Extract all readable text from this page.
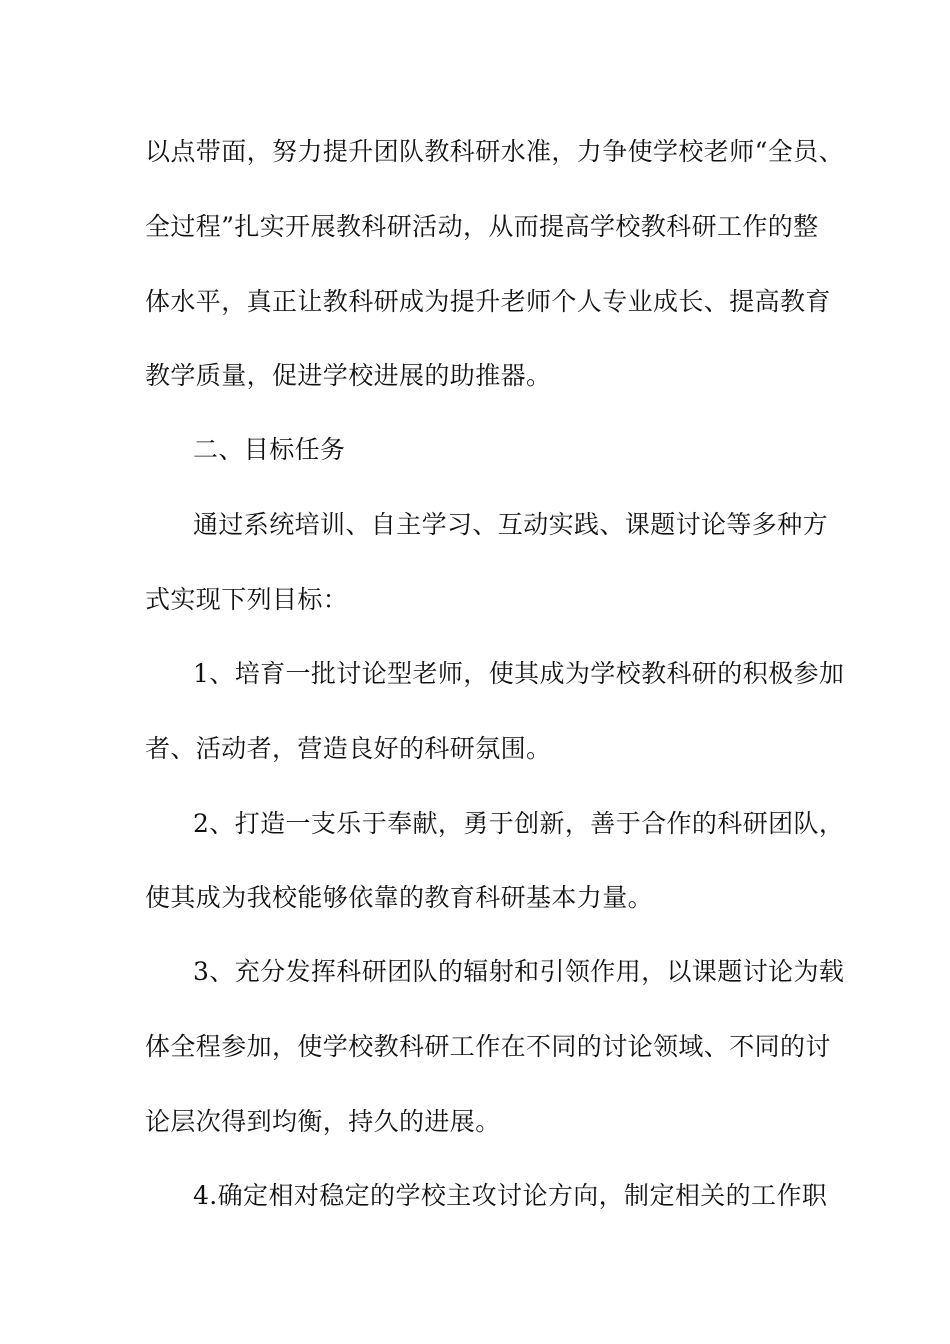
以点带面，努力提升团队教科研水准，力争使学校老师“全员、
全过程”扎实开展教科研活动，从而提高学校教科研工作的整
体水平，真正让教科研成为提升老师个人专业成长、提高教育
教学质量，促进学校进展的助推器。
二、目标任务
通过系统培训、自主学习、互动实践、课题讨论等多种方
式实现下列目标：
1、培育一批讨论型老师，使其成为学校教科研的积极参加
者、活动者，营造良好的科研氛围。
2、打造一支乐于奉献，勇于创新，善于合作的科研团队，
使其成为我校能够依靠的教育科研基本力量。
3、充分发挥科研团队的辐射和引领作用，以课题讨论为载
体全程参加，使学校教科研工作在不同的讨论领域、不同的讨
论层次得到均衡，持久的进展。
4.确定相对稳定的学校主攻讨论方向，制定相关的工作职
